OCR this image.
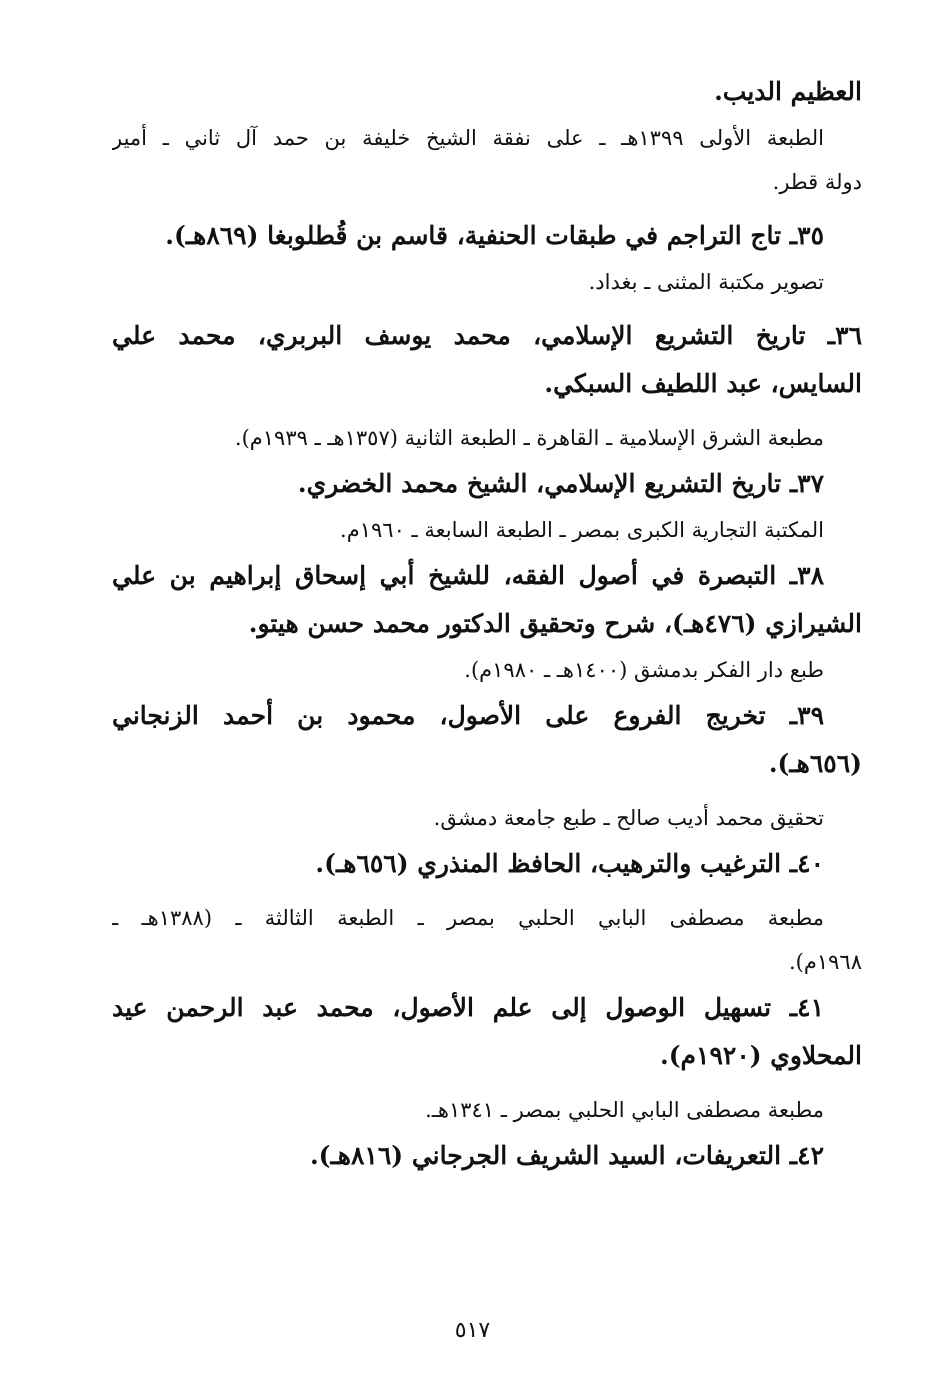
العظيم الديب.
الطبعة الأولى ١٣٩٩هـ ـ على نفقة الشيخ خليفة بن حمد آل ثاني ـ أمير
دولة قطر.
٣٥ـ تاج التراجم في طبقات الحنفية، قاسم بن قُطلوبغا (٨٦٩هـ).
تصوير مكتبة المثنى ـ بغداد.
٣٦ـ تاريخ التشريع الإسلامي، محمد يوسف البربري، محمد علي
السايس، عبد اللطيف السبكي.
مطبعة الشرق الإسلامية ـ القاهرة ـ الطبعة الثانية (١٣٥٧هـ ـ ١٩٣٩م).
٣٧ـ تاريخ التشريع الإسلامي، الشيخ محمد الخضري.
المكتبة التجارية الكبرى بمصر ـ الطبعة السابعة ـ ١٩٦٠م.
٣٨ـ التبصرة في أصول الفقه، للشيخ أبي إسحاق إبراهيم بن علي
الشيرازي (٤٧٦هـ)، شرح وتحقيق الدكتور محمد حسن هيتو.
طبع دار الفكر بدمشق (١٤٠٠هـ ـ ١٩٨٠م).
٣٩ـ تخريج الفروع على الأصول، محمود بن أحمد الزنجاني
(٦٥٦هـ).
تحقيق محمد أديب صالح ـ طبع جامعة دمشق.
٤٠ـ الترغيب والترهيب، الحافظ المنذري (٦٥٦هـ).
مطبعة مصطفى البابي الحلبي بمصر ـ الطبعة الثالثة ـ (١٣٨٨هـ ـ
١٩٦٨م).
٤١ـ تسهيل الوصول إلى علم الأصول، محمد عبد الرحمن عيد
المحلاوي (١٩٢٠م).
مطبعة مصطفى البابي الحلبي بمصر ـ ١٣٤١هـ.
٤٢ـ التعريفات، السيد الشريف الجرجاني (٨١٦هـ).
٥١٧
